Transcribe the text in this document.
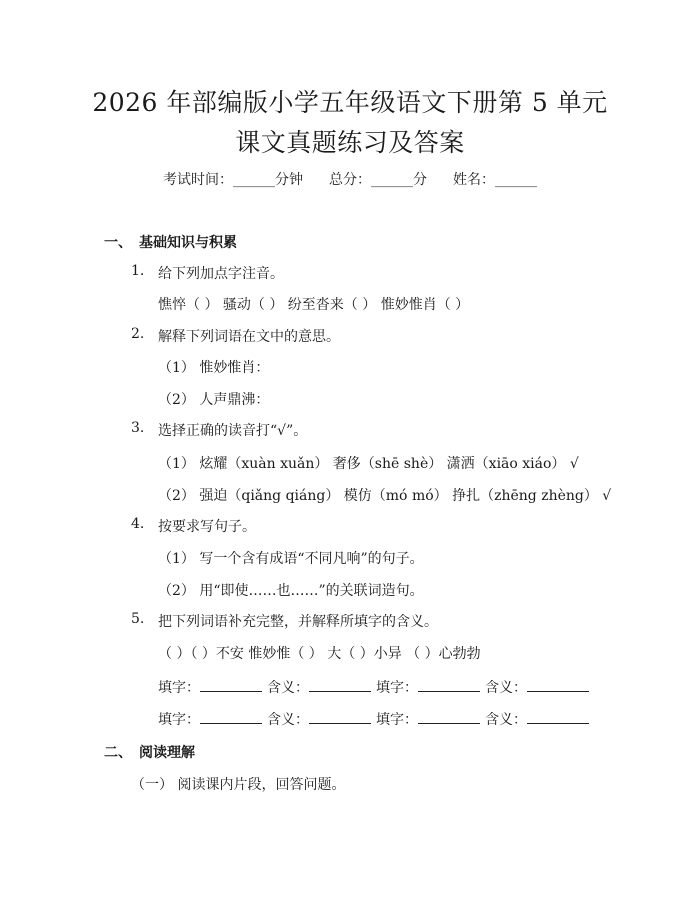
2026 年部编版小学五年级语文下册第 5 单元
课文真题练习及答案
考试时间：______分钟 总分：______分 姓名：______
一、 基础知识与积累
1. 给下列加点字注音。
憔悴（ ） 骚动（ ） 纷至沓来（ ） 惟妙惟肖（ ）
2. 解释下列词语在文中的意思。
（1） 惟妙惟肖：
（2） 人声鼎沸：
3. 选择正确的读音打“√”。
（1） 炫耀（xuàn xuǎn） 奢侈（shē shè） 潇洒（xiāo xiáo） √
（2） 强迫（qiǎng qiáng） 模仿（mó mó） 挣扎（zhēng zhèng） √
4. 按要求写句子。
（1） 写一个含有成语“不同凡响”的句子。
（2） 用“即使……也……”的关联词造句。
5. 把下列词语补充完整，并解释所填字的含义。
（ ）（ ）不安 惟妙惟（ ） 大（ ）小异 （ ）心勃勃
填字：	含义：	填字：	含义：
填字：	含义：	填字：	含义：
二、 阅读理解
（一） 阅读课内片段，回答问题。
